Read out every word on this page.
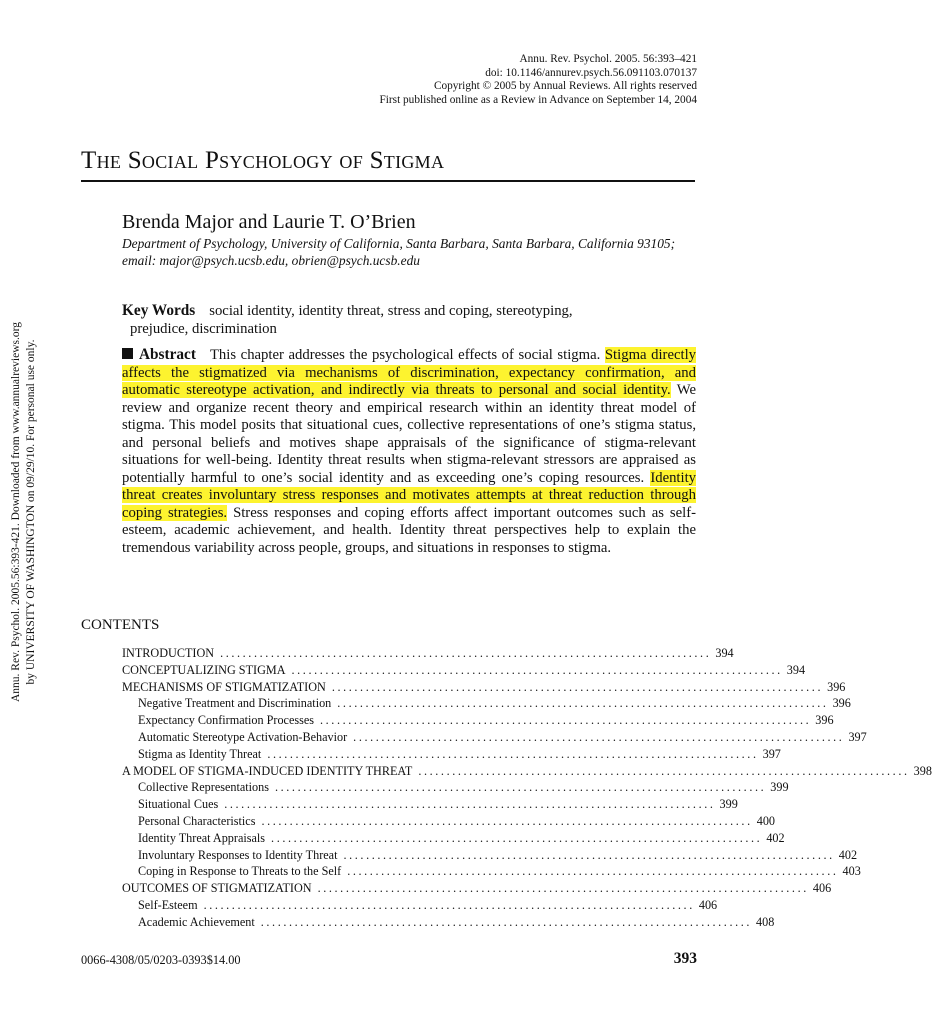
Annu. Rev. Psychol. 2005. 56:393–421
doi: 10.1146/annurev.psych.56.091103.070137
Copyright © 2005 by Annual Reviews. All rights reserved
First published online as a Review in Advance on September 14, 2004
The Social Psychology of Stigma
Brenda Major and Laurie T. O’Brien
Department of Psychology, University of California, Santa Barbara, Santa Barbara, California 93105; email: major@psych.ucsb.edu, obrien@psych.ucsb.edu
Annu. Rev. Psychol. 2005.56:393-421. Downloaded from www.annualreviews.org by UNIVERSITY OF WASHINGTON on 09/29/10. For personal use only.
Key Words social identity, identity threat, stress and coping, stereotyping,
prejudice, discrimination
Abstract This chapter addresses the psychological effects of social stigma. Stigma directly affects the stigmatized via mechanisms of discrimination, expectancy confirmation, and automatic stereotype activation, and indirectly via threats to personal and social identity. We review and organize recent theory and empirical research within an identity threat model of stigma. This model posits that situational cues, collective representations of one’s stigma status, and personal beliefs and motives shape appraisals of the significance of stigma-relevant situations for well-being. Identity threat results when stigma-relevant stressors are appraised as potentially harmful to one’s social identity and as exceeding one’s coping resources. Identity threat creates involuntary stress responses and motivates attempts at threat reduction through coping strategies. Stress responses and coping efforts affect important outcomes such as self-esteem, academic achievement, and health. Identity threat perspectives help to explain the tremendous variability across people, groups, and situations in responses to stigma.
CONTENTS
INTRODUCTION ....................................................................................... 394
CONCEPTUALIZING STIGMA ....................................................................................... 394
MECHANISMS OF STIGMATIZATION ....................................................................................... 396
Negative Treatment and Discrimination ....................................................................................... 396
Expectancy Confirmation Processes ....................................................................................... 396
Automatic Stereotype Activation-Behavior ....................................................................................... 397
Stigma as Identity Threat ....................................................................................... 397
A MODEL OF STIGMA-INDUCED IDENTITY THREAT ....................................................................................... 398
Collective Representations ....................................................................................... 399
Situational Cues ....................................................................................... 399
Personal Characteristics ....................................................................................... 400
Identity Threat Appraisals ....................................................................................... 402
Involuntary Responses to Identity Threat ....................................................................................... 402
Coping in Response to Threats to the Self ....................................................................................... 403
OUTCOMES OF STIGMATIZATION ....................................................................................... 406
Self-Esteem ....................................................................................... 406
Academic Achievement ....................................................................................... 408
0066-4308/05/0203-0393$14.00	393
